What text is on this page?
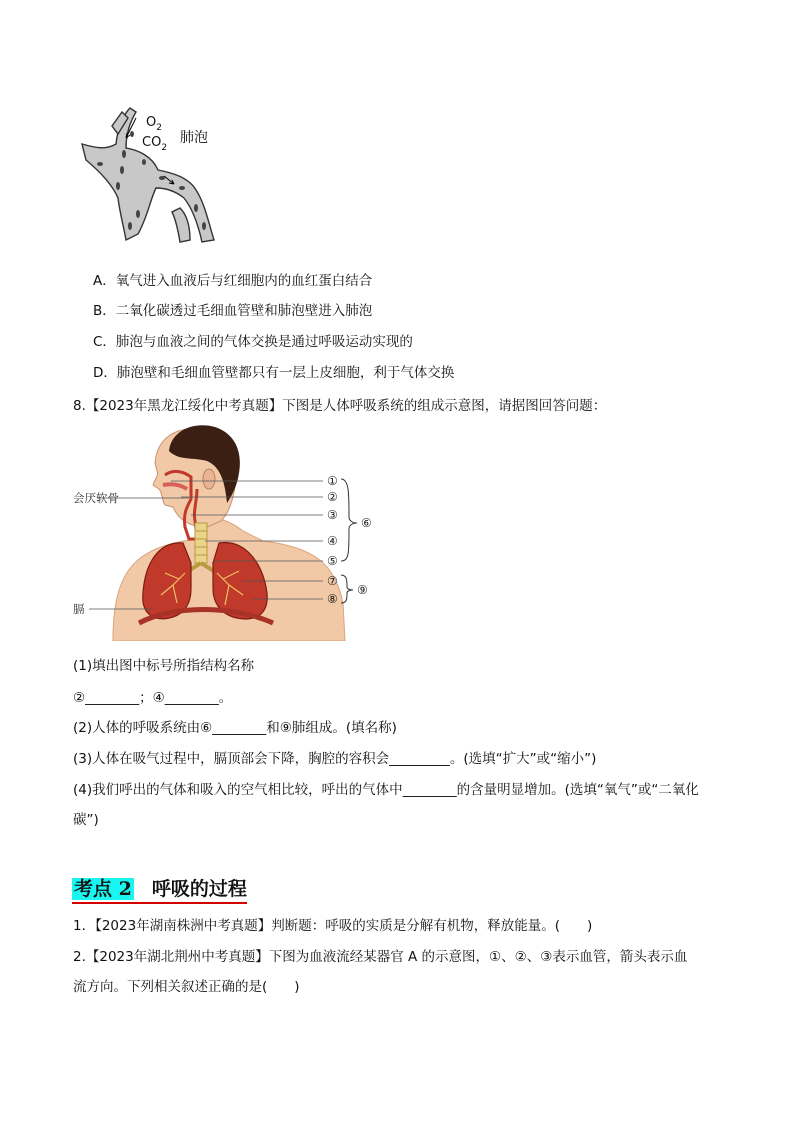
$O_2$
$CO_2$
肺泡
A．氧气进入血液后与红细胞内的血红蛋白结合
B．二氧化碳透过毛细血管壁和肺泡壁进入肺泡
C．肺泡与血液之间的气体交换是通过呼吸运动实现的
D．肺泡壁和毛细血管壁都只有一层上皮细胞，利于气体交换
8.【2023年黑龙江绥化中考真题】下图是人体呼吸系统的组成示意图，请据图回答问题：
①
②
③
④
⑤
⑦
⑧
⑥
⑨
会厌软骨
膈
(1)填出图中标号所指结构名称
②________；④________。
(2)人体的呼吸系统由⑥________和⑨肺组成。(填名称)
(3)人体在吸气过程中，膈顶部会下降，胸腔的容积会_________。(选填“扩大”或“缩小”)
(4)我们呼出的气体和吸入的空气相比较，呼出的气体中________的含量明显增加。(选填“氧气”或“二氧化
碳”)
考点 2 呼吸的过程
1．【2023年湖南株洲中考真题】判断题：呼吸的实质是分解有机物，释放能量。(　　)
2.【2023年湖北荆州中考真题】下图为血液流经某器官 A 的示意图，①、②、③表示血管，箭头表示血
流方向。下列相关叙述正确的是(　　)
